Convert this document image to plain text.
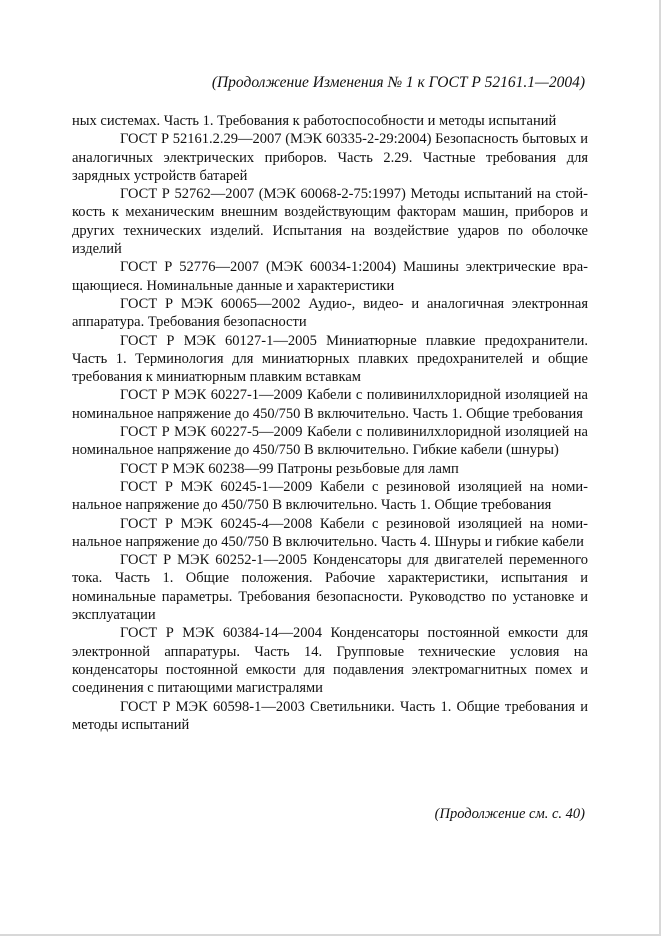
(Продолжение Изменения № 1 к ГОСТ Р 52161.1—2004)

ных системах. Часть 1. Требования к работоспособности и методы испытаний

ГОСТ Р 52161.2.29—2007 (МЭК 60335-2-29:2004) Безопасность бытовых и аналогичных электрических приборов. Часть 2.29. Частные требования для зарядных устройств батарей

ГОСТ Р 52762—2007 (МЭК 60068-2-75:1997) Методы испытаний на стойкость к механическим внешним воздействующим факторам машин, приборов и других технических изделий. Испытания на воздействие ударов по оболочке изделий

ГОСТ Р 52776—2007 (МЭК 60034-1:2004) Машины электрические вращающиеся. Номинальные данные и характеристики

ГОСТ Р МЭК 60065—2002 Аудио-, видео- и аналогичная электронная аппаратура. Требования безопасности

ГОСТ Р МЭК 60127-1—2005 Миниатюрные плавкие предохранители. Часть 1. Терминология для миниатюрных плавких предохранителей и общие требования к миниатюрным плавким вставкам

ГОСТ Р МЭК 60227-1—2009 Кабели с поливинилхлоридной изоляцией на номинальное напряжение до 450/750 В включительно. Часть 1. Общие требования

ГОСТ Р МЭК 60227-5—2009 Кабели с поливинилхлоридной изоляцией на номинальное напряжение до 450/750 В включительно. Гибкие кабели (шнуры)

ГОСТ Р МЭК 60238—99 Патроны резьбовые для ламп

ГОСТ Р МЭК 60245-1—2009 Кабели с резиновой изоляцией на номинальное напряжение до 450/750 В включительно. Часть 1. Общие требования

ГОСТ Р МЭК 60245-4—2008 Кабели с резиновой изоляцией на номинальное напряжение до 450/750 В включительно. Часть 4. Шнуры и гибкие кабели

ГОСТ Р МЭК 60252-1—2005 Конденсаторы для двигателей переменного тока. Часть 1. Общие положения. Рабочие характеристики, испытания и номинальные параметры. Требования безопасности. Руководство по установке и эксплуатации

ГОСТ Р МЭК 60384-14—2004 Конденсаторы постоянной емкости для электронной аппаратуры. Часть 14. Групповые технические условия на конденсаторы постоянной емкости для подавления электромагнитных помех и соединения с питающими магистралями

ГОСТ Р МЭК 60598-1—2003 Светильники. Часть 1. Общие требования и методы испытаний

(Продолжение см. с. 40)
